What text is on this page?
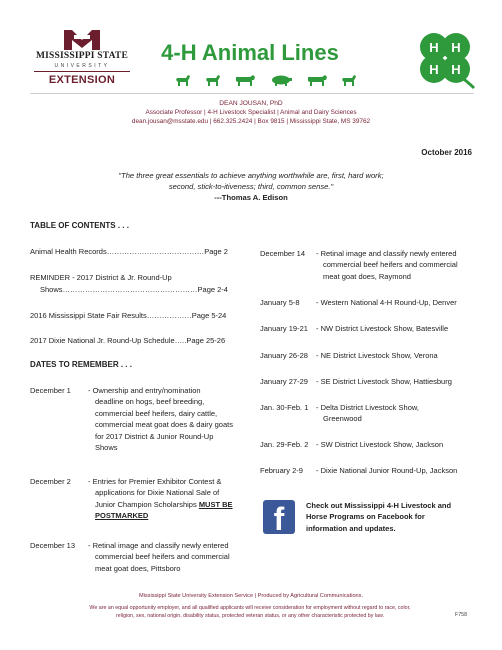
MISSISSIPPI STATE
UNIVERSITY
EXTENSION
4-H Animal Lines	H H
H H
DEAN JOUSAN, PhD
Associate Professor | 4-H Livestock Specialist | Animal and Dairy Sciences
dean.jousan@msstate.edu | 662.325.2424 | Box 9815 | Mississippi State, MS 39762
October 2016
"The three great essentials to achieve anything worthwhile are, first, hard work;
second, stick-to-itiveness; third, common sense."
---Thomas A. Edison
TABLE OF CONTENTS . . .
Animal Health Records…………………………………Page 2
REMINDER - 2017 District & Jr. Round-Up
Shows………………………………………………Page 2-4
2016 Mississippi State Fair Results………………Page 5-24
2017 Dixie National Jr. Round-Up Schedule…..Page 25-26
DATES TO REMEMBER . . .
December 1 - Ownership and entry/nomination
deadline on hogs, beef breeding,
commercial beef heifers, dairy cattle,
commercial meat goat does & dairy goats
for 2017 District & Junior Round-Up
Shows
December 2 - Entries for Premier Exhibitor Contest &
applications for Dixie National Sale of
Junior Champion Scholarships MUST BE
POSTMARKED
December 13 - Retinal image and classify newly entered
commercial beef heifers and commercial
meat goat does, Pittsboro
December 14 - Retinal image and classify newly entered
commercial beef heifers and commercial
meat goat does, Raymond
January 5-8 - Western National 4-H Round-Up, Denver
January 19-21 - NW District Livestock Show, Batesville
January 26-28 - NE District Livestock Show, Verona
January 27-29 - SE District Livestock Show, Hattiesburg
Jan. 30-Feb. 1 - Delta District Livestock Show,
Greenwood
Jan. 29-Feb. 2 - SW District Livestock Show, Jackson
February 2-9 - Dixie National Junior Round-Up, Jackson
f	Check out Mississippi 4-H Livestock and
Horse Programs on Facebook for
information and updates.
Mississippi State University Extension Service | Produced by Agricultural Communications.
We are an equal opportunity employer, and all qualified applicants will receive consideration for employment without regard to race, color, religion, sex, national origin, disability status, protected veteran status, or any other characteristic protected by law.	F758
